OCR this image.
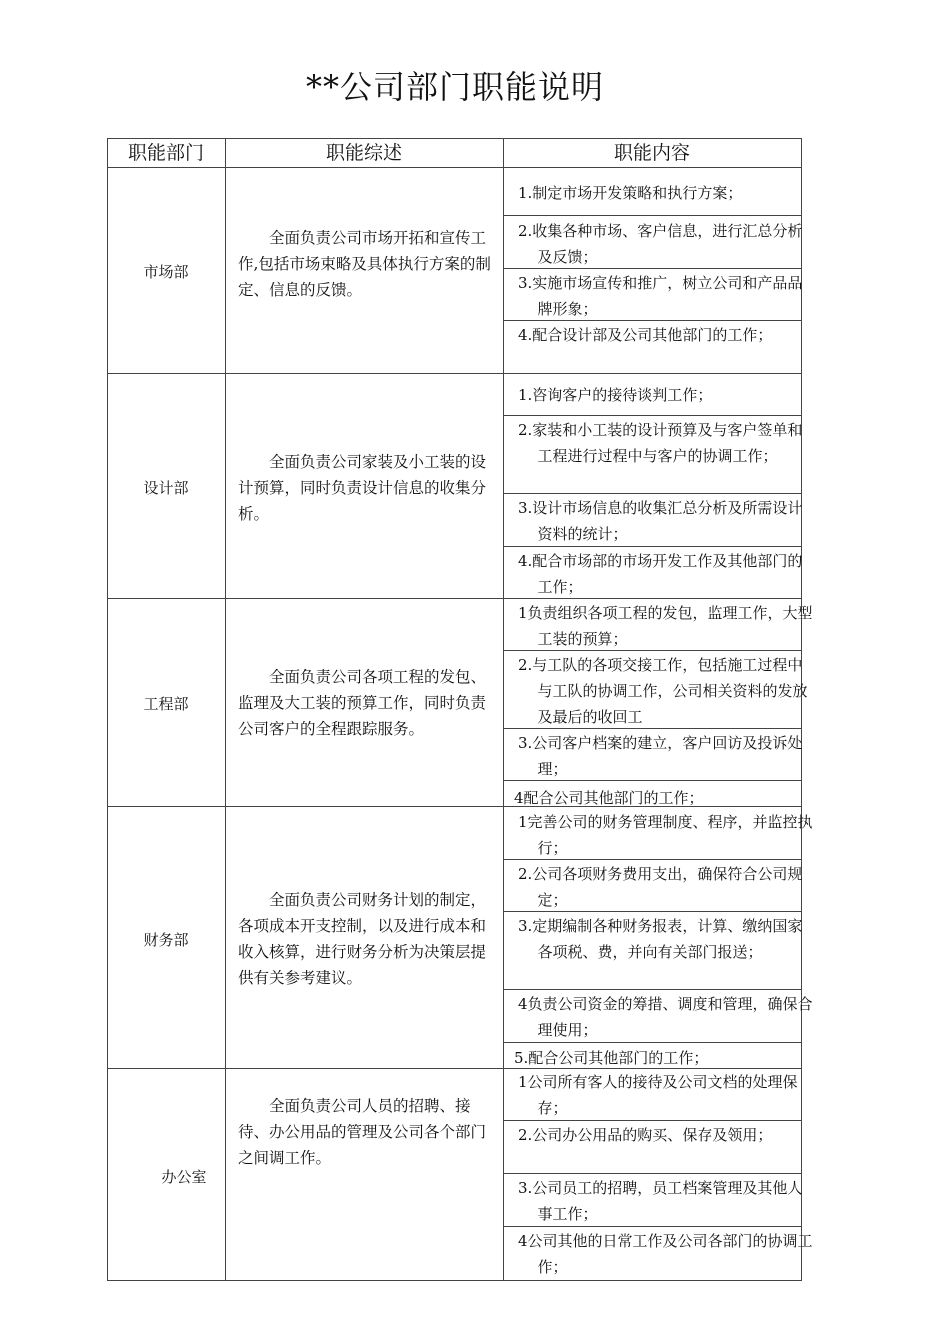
**公司部门职能说明
职能部门	职能综述	职能内容
市场部
全面负责公司市场开拓和宣传工作,包括市场束略及具体执行方案的制定、信息的反馈。
1.制定市场开发策略和执行方案；
2.收集各种市场、客户信息，进行汇总分析及反馈；
3.实施市场宣传和推广，树立公司和产品品牌形象；
4.配合设计部及公司其他部门的工作；
设计部
全面负责公司家装及小工装的设计预算，同时负责设计信息的收集分析。
1.咨询客户的接待谈判工作；
2.家装和小工装的设计预算及与客户签单和工程进行过程中与客户的协调工作；
3.设计市场信息的收集汇总分析及所需设计资料的统计；
4.配合市场部的市场开发工作及其他部门的工作；
工程部
全面负责公司各项工程的发包、监理及大工装的预算工作，同时负责公司客户的全程跟踪服务。
1负责组织各项工程的发包，监理工作，大型工装的预算；
2.与工队的各项交接工作，包括施工过程中与工队的协调工作，公司相关资料的发放及最后的收回工
3.公司客户档案的建立，客户回访及投诉处理；
4配合公司其他部门的工作；
财务部
全面负责公司财务计划的制定，各项成本开支控制，以及进行成本和收入核算，进行财务分析为决策层提供有关参考建议。
1完善公司的财务管理制度、程序，并监控执行；
2.公司各项财务费用支出，确保符合公司规定；
3.定期编制各种财务报表，计算、缴纳国家各项税、费，并向有关部门报送；
4负责公司资金的筹措、调度和管理，确保合理使用；
5.配合公司其他部门的工作；
办公室
全面负责公司人员的招聘、接待、办公用品的管理及公司各个部门之间调工作。
1公司所有客人的接待及公司文档的处理保存；
2.公司办公用品的购买、保存及领用；
3.公司员工的招聘，员工档案管理及其他人事工作；
4公司其他的日常工作及公司各部门的协调工作；
